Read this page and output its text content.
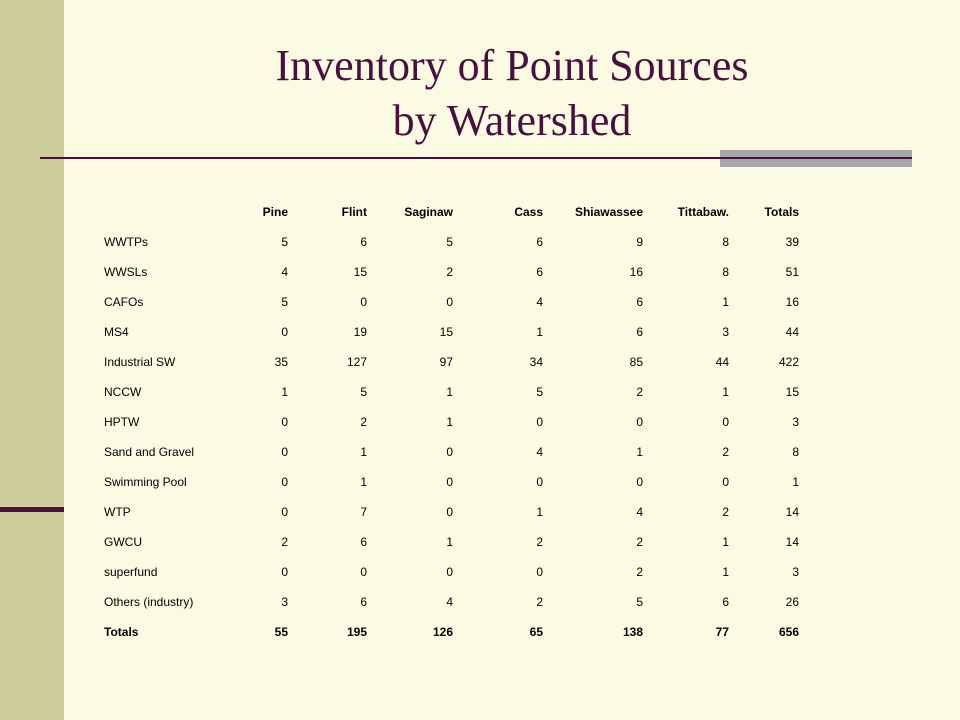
Inventory of Point Sources
by Watershed
	Pine	Flint	Saginaw	Cass	Shiawassee	Tittabaw.	Totals
WWTPs	5	6	5	6	9	8	39
WWSLs	4	15	2	6	16	8	51
CAFOs	5	0	0	4	6	1	16
MS4	0	19	15	1	6	3	44
Industrial SW	35	127	97	34	85	44	422
NCCW	1	5	1	5	2	1	15
HPTW	0	2	1	0	0	0	3
Sand and Gravel	0	1	0	4	1	2	8
Swimming Pool	0	1	0	0	0	0	1
WTP	0	7	0	1	4	2	14
GWCU	2	6	1	2	2	1	14
superfund	0	0	0	0	2	1	3
Others (industry)	3	6	4	2	5	6	26
Totals	55	195	126	65	138	77	656
